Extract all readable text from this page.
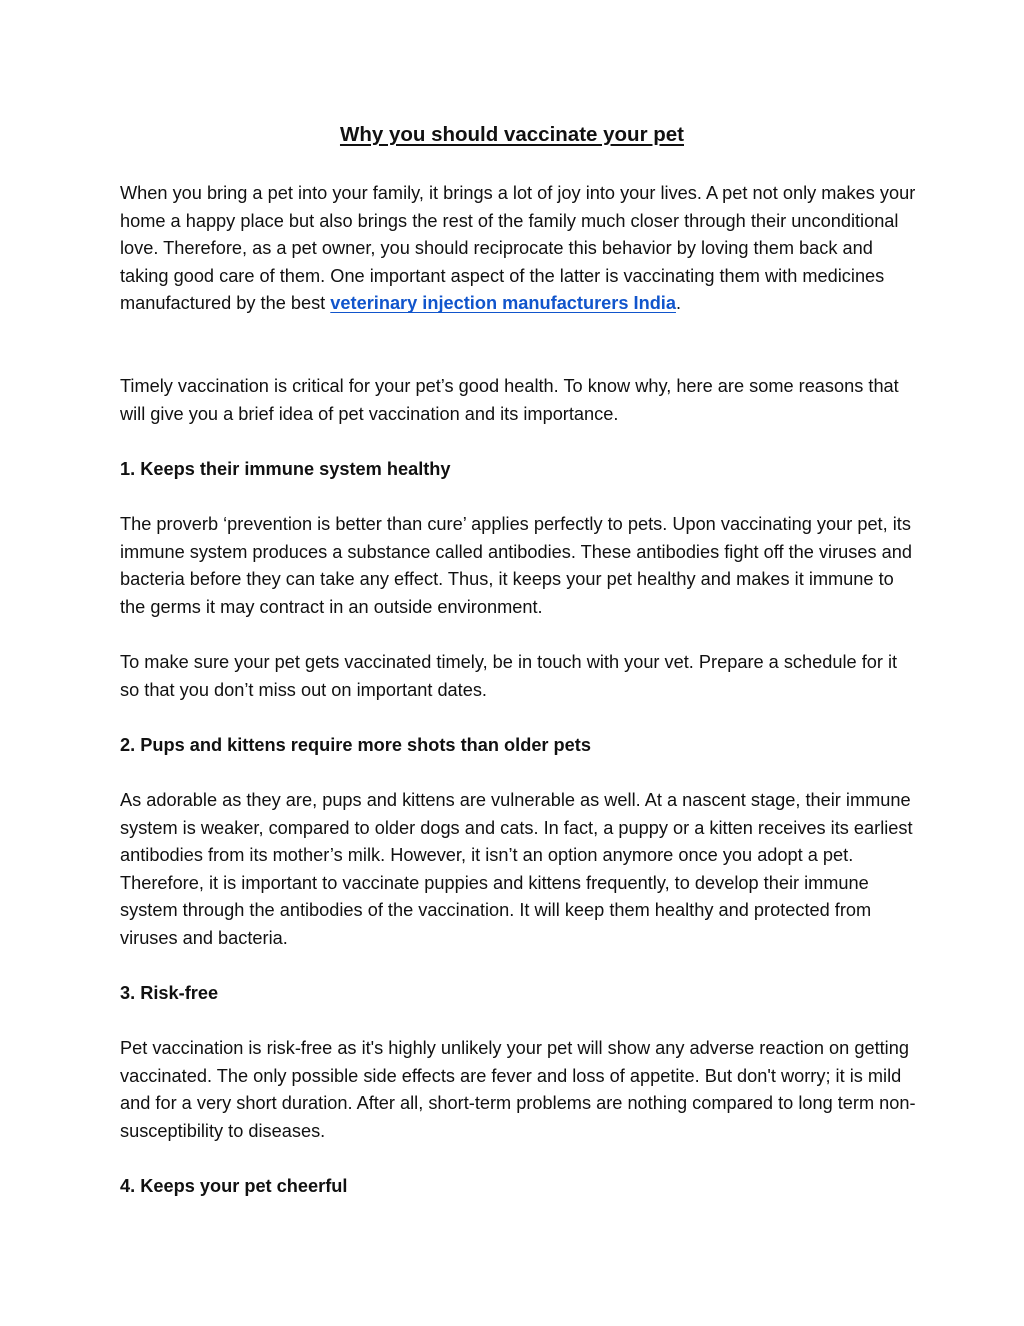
Why you should vaccinate your pet

When you bring a pet into your family, it brings a lot of joy into your lives. A pet not only makes your home a happy place but also brings the rest of the family much closer through their unconditional love. Therefore, as a pet owner, you should reciprocate this behavior by loving them back and taking good care of them. One important aspect of the latter is vaccinating them with medicines manufactured by the best veterinary injection manufacturers India.

Timely vaccination is critical for your pet’s good health. To know why, here are some reasons that will give you a brief idea of pet vaccination and its importance.

1. Keeps their immune system healthy

The proverb ‘prevention is better than cure’ applies perfectly to pets. Upon vaccinating your pet, its immune system produces a substance called antibodies. These antibodies fight off the viruses and bacteria before they can take any effect. Thus, it keeps your pet healthy and makes it immune to the germs it may contract in an outside environment.

To make sure your pet gets vaccinated timely, be in touch with your vet. Prepare a schedule for it so that you don’t miss out on important dates.

2. Pups and kittens require more shots than older pets

As adorable as they are, pups and kittens are vulnerable as well. At a nascent stage, their immune system is weaker, compared to older dogs and cats. In fact, a puppy or a kitten receives its earliest antibodies from its mother’s milk. However, it isn’t an option anymore once you adopt a pet. Therefore, it is important to vaccinate puppies and kittens frequently, to develop their immune system through the antibodies of the vaccination. It will keep them healthy and protected from viruses and bacteria.

3. Risk-free

Pet vaccination is risk-free as it's highly unlikely your pet will show any adverse reaction on getting vaccinated. The only possible side effects are fever and loss of appetite. But don't worry; it is mild and for a very short duration. After all, short-term problems are nothing compared to long term non-susceptibility to diseases.

4. Keeps your pet cheerful
